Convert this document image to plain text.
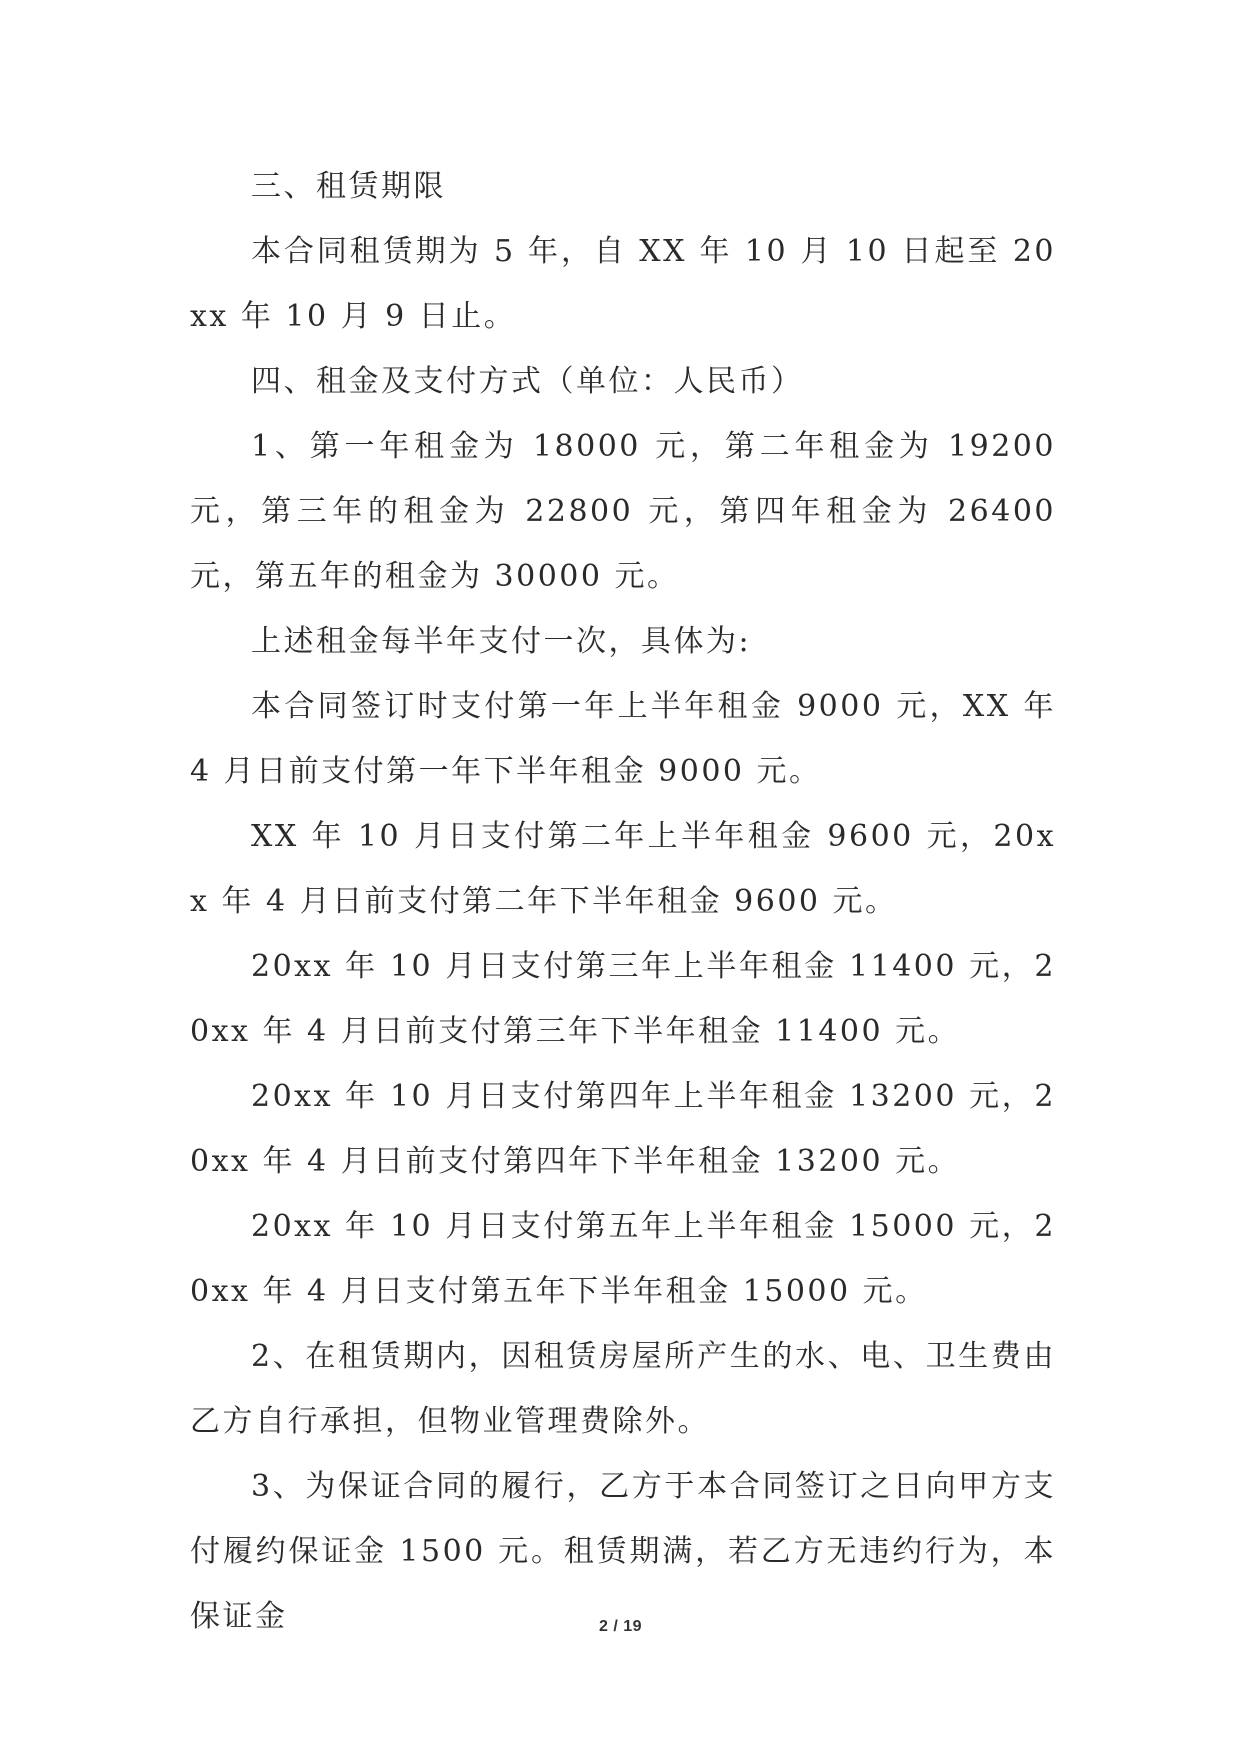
三、租赁期限

本合同租赁期为 5 年，自 XX 年 10 月 10 日起至 20xx 年 10 月 9 日止。

四、租金及支付方式（单位：人民币）

1、第一年租金为 18000 元，第二年租金为 19200 元，第三年的租金为 22800 元，第四年租金为 26400 元，第五年的租金为 30000 元。

上述租金每半年支付一次，具体为:

本合同签订时支付第一年上半年租金 9000 元，XX 年 4 月日前支付第一年下半年租金 9000 元。

XX 年 10 月日支付第二年上半年租金 9600 元，20xx 年 4 月日前支付第二年下半年租金 9600 元。

20xx 年 10 月日支付第三年上半年租金 11400 元，20xx 年 4 月日前支付第三年下半年租金 11400 元。

20xx 年 10 月日支付第四年上半年租金 13200 元，20xx 年 4 月日前支付第四年下半年租金 13200 元。

20xx 年 10 月日支付第五年上半年租金 15000 元，20xx 年 4 月日支付第五年下半年租金 15000 元。

2、在租赁期内，因租赁房屋所产生的水、电、卫生费由乙方自行承担，但物业管理费除外。

3、为保证合同的履行，乙方于本合同签订之日向甲方支付履约保证金 1500 元。租赁期满，若乙方无违约行为，本保证金	2 / 19
